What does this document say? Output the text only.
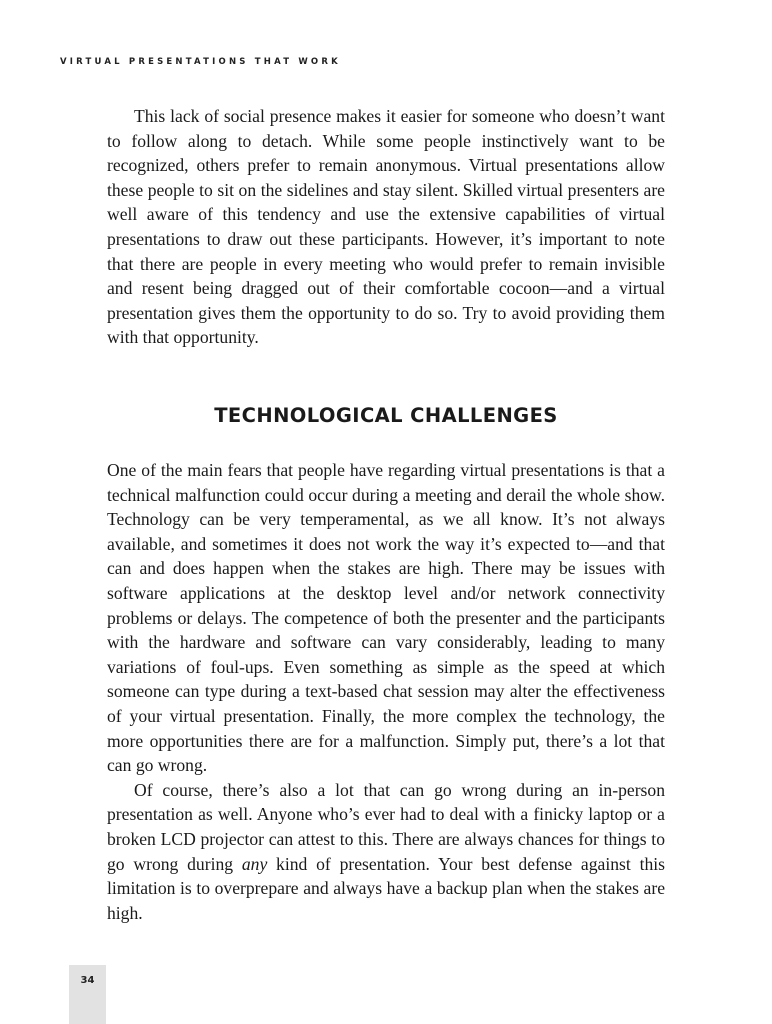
VIRTUAL PRESENTATIONS THAT WORK

This lack of social presence makes it easier for someone who doesn’t want to follow along to detach. While some people instinctively want to be recognized, others prefer to remain anonymous. Virtual presentations allow these people to sit on the sidelines and stay silent. Skilled virtual presenters are well aware of this tendency and use the extensive capabilities of virtual presentations to draw out these participants. However, it’s important to note that there are people in every meeting who would prefer to remain invisible and resent being dragged out of their comfortable cocoon—and a virtual presentation gives them the opportunity to do so. Try to avoid providing them with that opportunity.

TECHNOLOGICAL CHALLENGES

One of the main fears that people have regarding virtual presentations is that a technical malfunction could occur during a meeting and derail the whole show. Technology can be very temperamental, as we all know. It’s not always available, and sometimes it does not work the way it’s expected to—and that can and does happen when the stakes are high. There may be issues with software applications at the desktop level and/or network connectivity problems or delays. The competence of both the presenter and the participants with the hardware and software can vary considerably, leading to many variations of foul-ups. Even something as simple as the speed at which someone can type during a text-based chat session may alter the effectiveness of your virtual presentation. Finally, the more complex the technology, the more opportunities there are for a malfunction. Simply put, there’s a lot that can go wrong.

Of course, there’s also a lot that can go wrong during an in-person presentation as well. Anyone who’s ever had to deal with a finicky laptop or a broken LCD projector can attest to this. There are always chances for things to go wrong during any kind of presentation. Your best defense against this limitation is to overprepare and always have a backup plan when the stakes are high.

34
